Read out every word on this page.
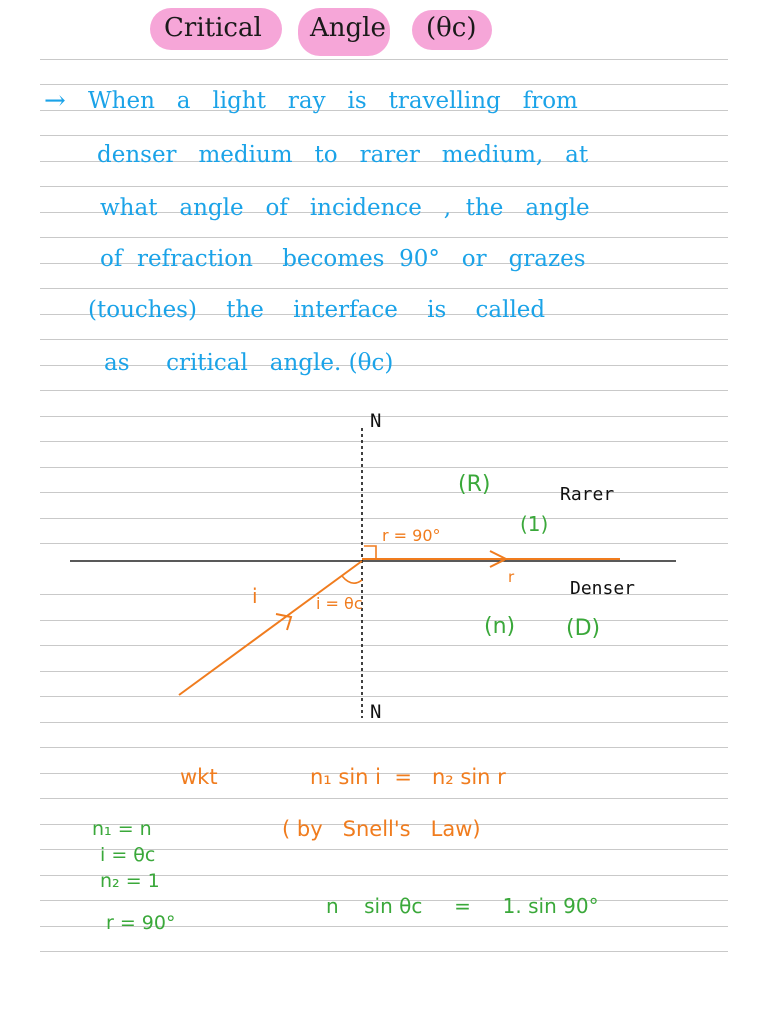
Critical Angle (θc)
→ When   a   light   ray   is   travelling   from
denser   medium   to   rarer   medium,   at
what   angle   of   incidence   ,  the   angle
of  refraction    becomes  90°   or   grazes
(touches)    the    interface    is    called
as     critical   angle. (θc)
N
N
(R)	Rarer
(1)
Denser
(n) (D)
r = 90°
r
i	i = θc
wkt	n₁ sin i  =   n₂ sin r
( by   Snell's   Law)
n₁ = n
i = θc
n₂ = 1
r = 90°
n    sin θc     =     1. sin 90°
